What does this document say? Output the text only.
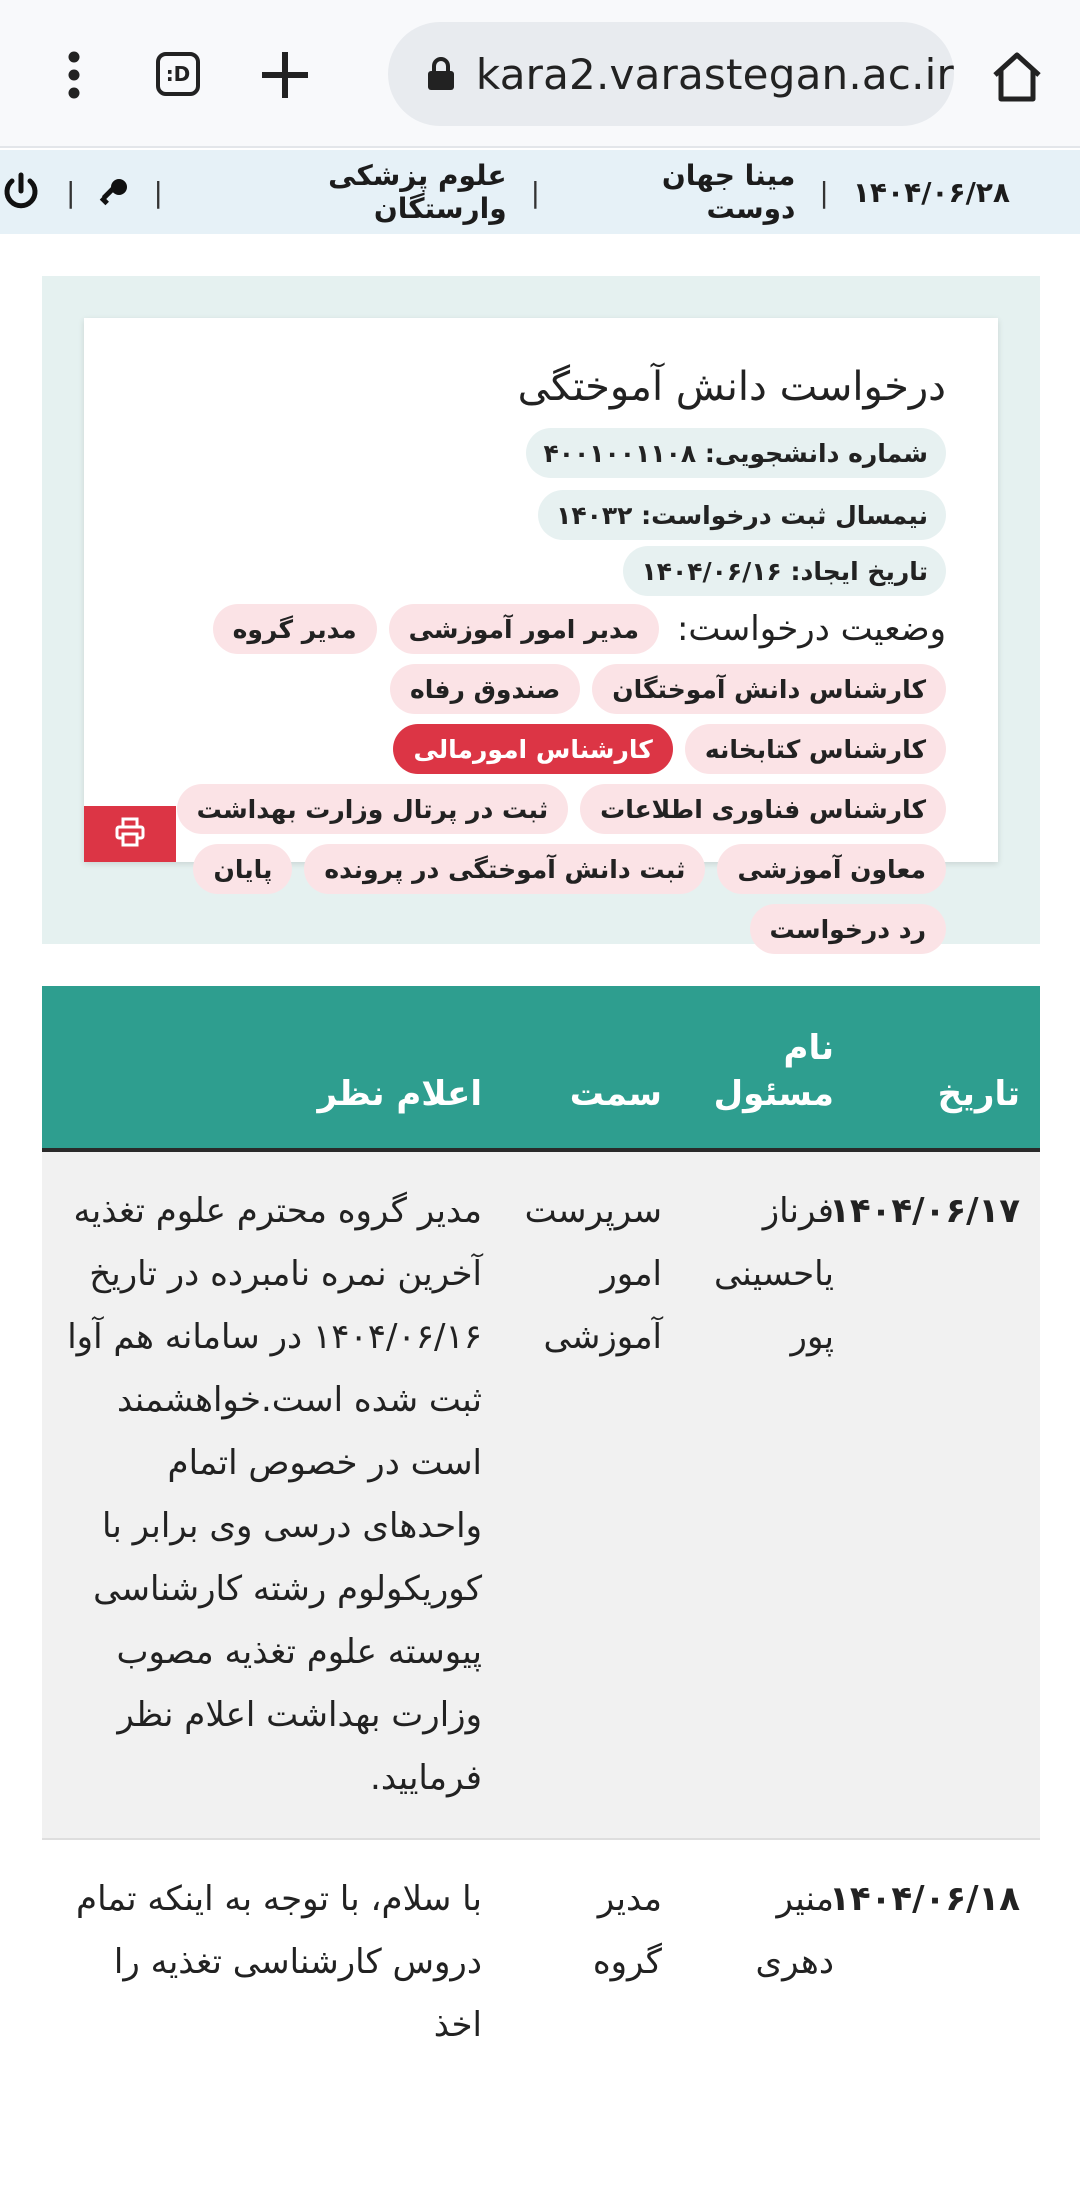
:D	kara2.varastegan.ac.ir
۱۴۰۴/۰۶/۲۸
|
مینا جهان دوست
|
علوم پزشکی وارستگان
|
|
درخواست دانش آموختگی
شماره دانشجویی: ۴۰۰۱۰۰۱۱۰۸
نیمسال ثبت درخواست: ۱۴۰۳۲
تاریخ ایجاد: ۱۴۰۴/۰۶/۱۶
وضعیت درخواست:
مدیر امور آموزشی
مدیر گروه
کارشناس دانش آموختگان
صندوق رفاه
کارشناس کتابخانه
کارشناس امورمالی
کارشناس فناوری اطلاعات
ثبت در پرتال وزارت بهداشت
معاون آموزشی
ثبت دانش آموختگی در پرونده
پایان
رد درخواست
تاریخ	نام مسئول	سمت	اعلام نظر
۱۴۰۴/۰۶/۱۷	فرناز یاحسینی پور	سرپرست امور آموزشی	مدیر گروه محترم علوم تغذیه آخرین نمره نامبرده در تاریخ ۱۴۰۴/۰۶/۱۶ در سامانه هم آوا ثبت شده است.خواهشمند است در خصوص اتمام واحدهای درسی وی برابر با کوریکولوم رشته کارشناسی پیوسته علوم تغذیه مصوب وزارت بهداشت اعلام نظر فرمایید.
۱۴۰۴/۰۶/۱۸	منیر دهری	مدیر گروه	با سلام، با توجه به اینکه تمام دروس کارشناسی تغذیه را اخذ
